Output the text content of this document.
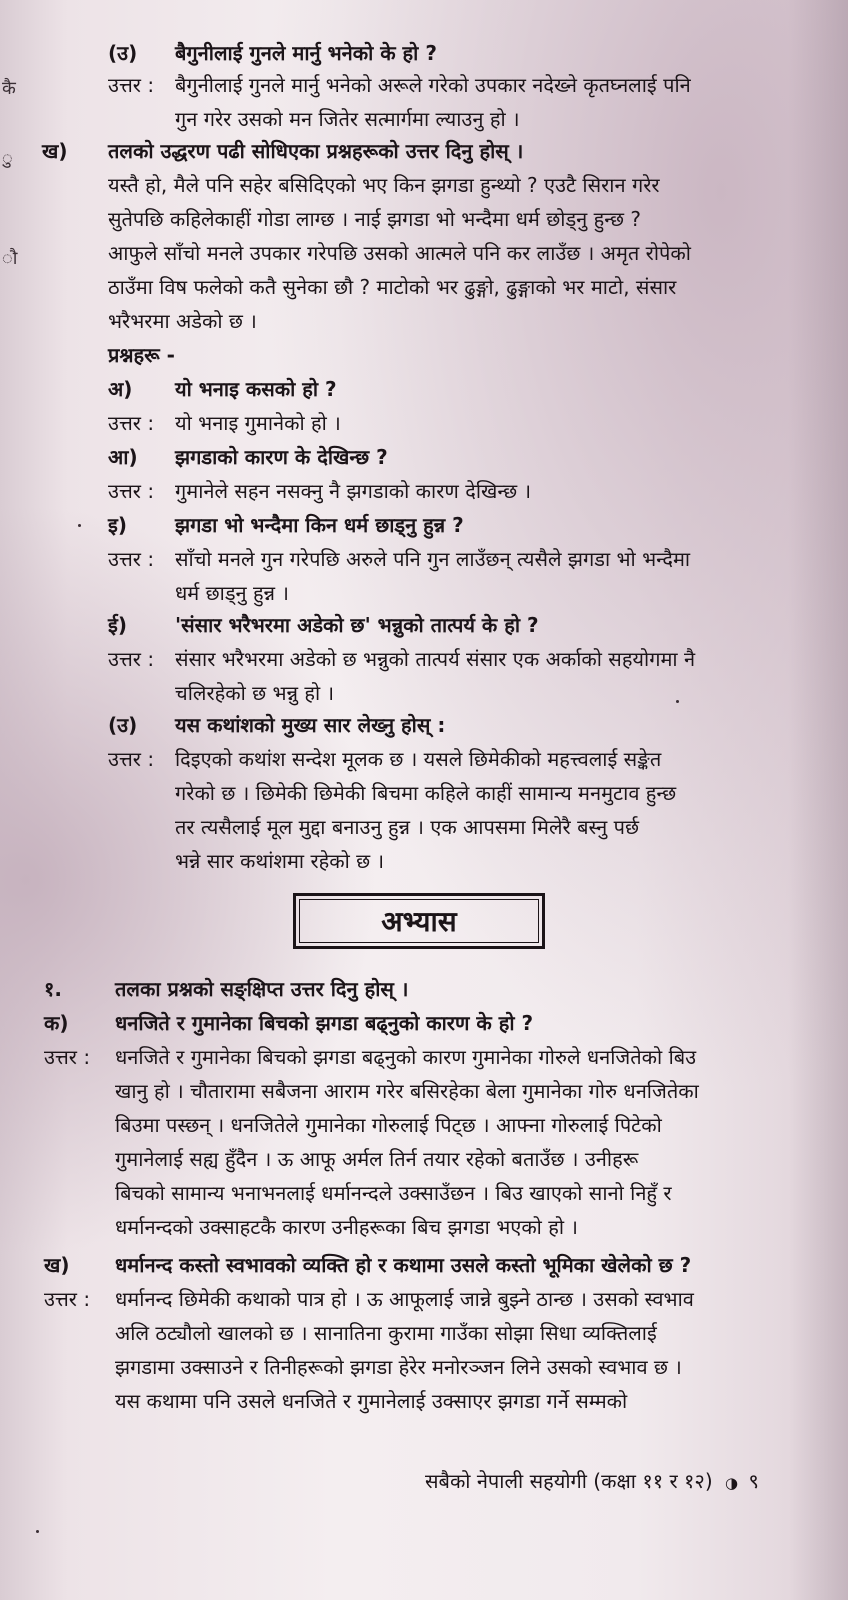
कै
ु
ौ
(उ) बैगुनीलाई गुनले मार्नु भनेको के हो ?
उत्तर : बैगुनीलाई गुनले मार्नु भनेको अरूले गरेको उपकार नदेख्ने कृतघ्नलाई पनि
गुन गरेर उसको मन जितेर सत्मार्गमा ल्याउनु हो ।
ख) तलको उद्धरण पढी सोधिएका प्रश्नहरूको उत्तर दिनु होस् ।
यस्तै हो, मैले पनि सहेर बसिदिएको भए किन झगडा हुन्थ्यो ? एउटै सिरान गरेर
सुतेपछि कहिलेकाहीं गोडा लाग्छ । नाई झगडा भो भन्दैमा धर्म छोड्नु हुन्छ ?
आफुले साँचो मनले उपकार गरेपछि उसको आत्मले पनि कर लाउँछ । अमृत रोपेको
ठाउँमा विष फलेको कतै सुनेका छौ ? माटोको भर ढुङ्गो, ढुङ्गाको भर माटो, संसार
भरैभरमा अडेको छ ।
प्रश्नहरू -
अ) यो भनाइ कसको हो ?
उत्तर : यो भनाइ गुमानेको हो ।
आ) झगडाको कारण के देखिन्छ ?
उत्तर : गुमानेले सहन नसक्नु नै झगडाको कारण देखिन्छ ।
इ) झगडा भो भन्दैमा किन धर्म छाड्नु हुन्न ?
उत्तर : साँचो मनले गुन गरेपछि अरुले पनि गुन लाउँछन् त्यसैले झगडा भो भन्दैमा
धर्म छाड्नु हुन्न ।
ई) 'संसार भरैभरमा अडेको छ' भन्नुको तात्पर्य के हो ?
उत्तर : संसार भरैभरमा अडेको छ भन्नुको तात्पर्य संसार एक अर्काको सहयोगमा नै
चलिरहेको छ भन्नु हो ।
(उ) यस कथांशको मुख्य सार लेख्नु होस् :
उत्तर : दिइएको कथांश सन्देश मूलक छ । यसले छिमेकीको महत्त्वलाई सङ्केत
गरेको छ । छिमेकी छिमेकी बिचमा कहिले काहीं सामान्य मनमुटाव हुन्छ
तर त्यसैलाई मूल मुद्दा बनाउनु हुन्न । एक आपसमा मिलेरै बस्नु पर्छ
भन्ने सार कथांशमा रहेको छ ।
अभ्यास
१.	तलका प्रश्नको सङ्क्षिप्त उत्तर दिनु होस् ।
क) धनजिते र गुमानेका बिचको झगडा बढ्नुको कारण के हो ?
उत्तर : धनजिते र गुमानेका बिचको झगडा बढ्नुको कारण गुमानेका गोरुले धनजितेको बिउ
खानु हो । चौतारामा सबैजना आराम गरेर बसिरहेका बेला गुमानेका गोरु धनजितेका
बिउमा पस्छन् । धनजितेले गुमानेका गोरुलाई पिट्छ । आफ्ना गोरुलाई पिटेको
गुमानेलाई सह्य हुँदैन । ऊ आफू अर्मल तिर्न तयार रहेको बताउँछ । उनीहरू
बिचको सामान्य भनाभनलाई धर्मानन्दले उक्साउँछन । बिउ खाएको सानो निहुँ र
धर्मानन्दको उक्साहटकै कारण उनीहरूका बिच झगडा भएको हो ।
ख) धर्मानन्द कस्तो स्वभावको व्यक्ति हो र कथामा उसले कस्तो भूमिका खेलेको छ ?
उत्तर : धर्मानन्द छिमेकी कथाको पात्र हो । ऊ आफूलाई जान्ने बुझ्ने ठान्छ । उसको स्वभाव
अलि ठट्यौलो खालको छ । सानातिना कुरामा गाउँका सोझा सिधा व्यक्तिलाई
झगडामा उक्साउने र तिनीहरूको झगडा हेरेर मनोरञ्जन लिने उसको स्वभाव छ ।
यस कथामा पनि उसले धनजिते र गुमानेलाई उक्साएर झगडा गर्ने सम्मको
सबैको नेपाली सहयोगी (कक्षा ११ र १२) ◑ ९
